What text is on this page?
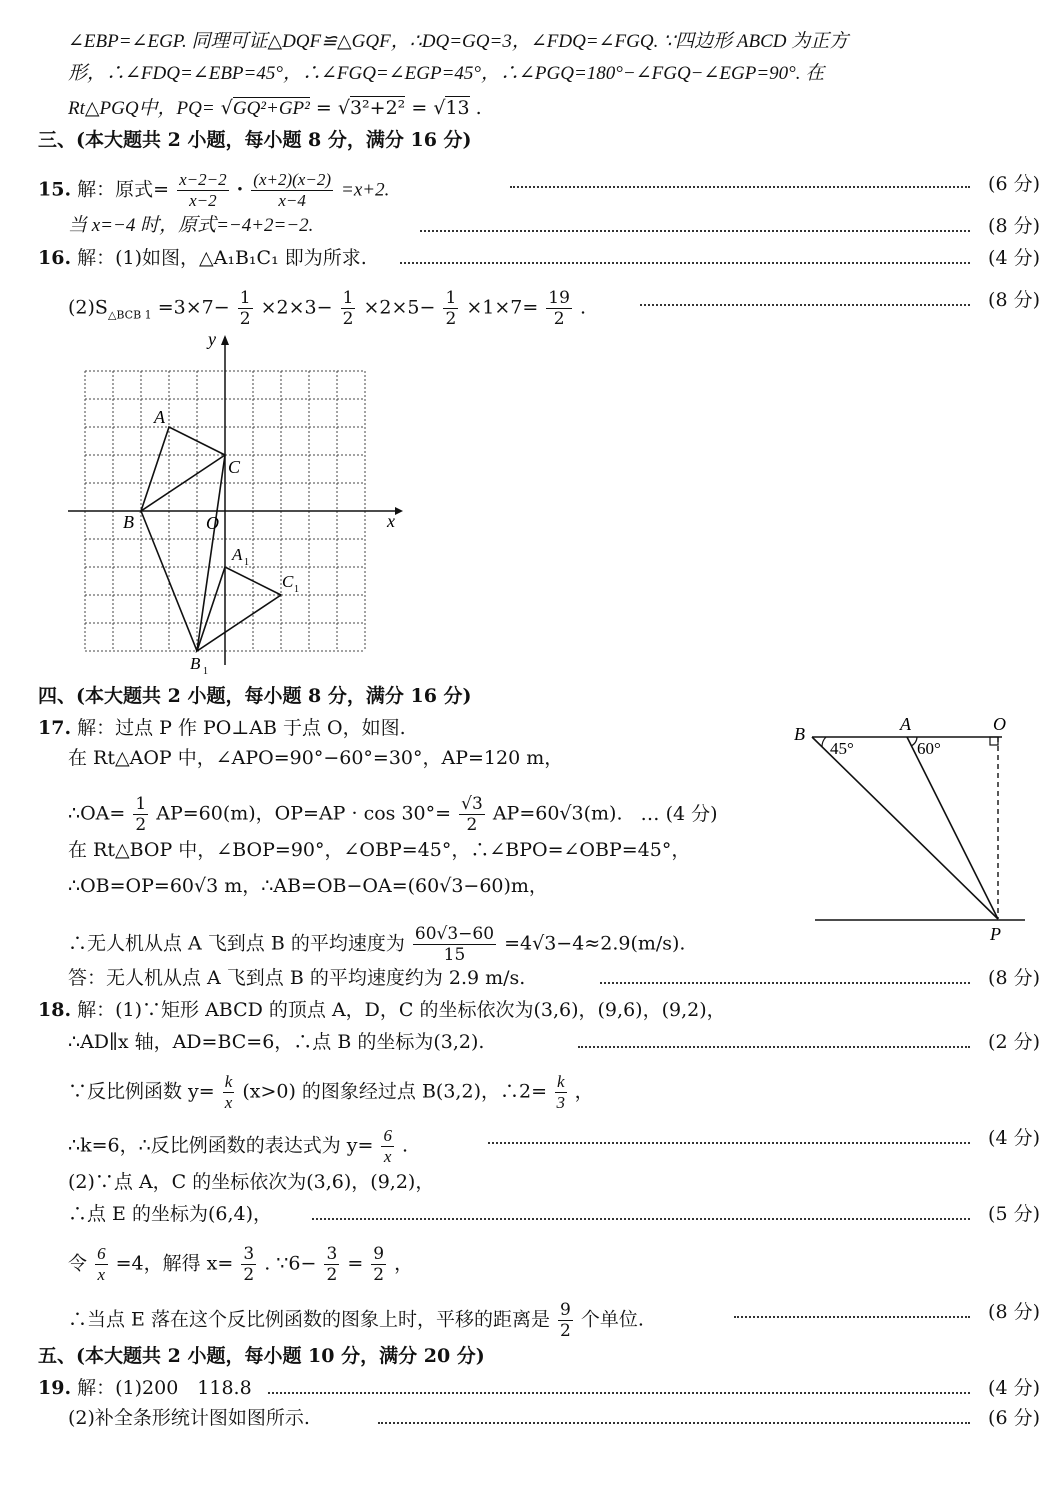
∠EBP=∠EGP. 同理可证△DQF≌△GQF，∴DQ=GQ=3，∠FDQ=∠FGQ. ∵四边形 ABCD 为正方
形，∴∠FDQ=∠EBP=45°，∴∠FGQ=∠EGP=45°，∴∠PGQ=180°−∠FGQ−∠EGP=90°. 在
Rt△PGQ中，PQ= √GQ²+GP² = √3²+2² = √13 .
三、(本大题共 2 小题，每小题 8 分，满分 16 分)
15. 解：原式= $\frac{x-2-2}{x-2} \cdot \frac{(x+2)(x-2)}{x-4} =x+2$.	(6 分)
当 x=−4 时，原式=−4+2=−2.	(8 分)
16. 解：(1)如图，△A₁B₁C₁ 即为所求.	(4 分)
$(2)S_{\triangle BCB 1} =3\times 7- \frac{1}{2} \times 2\times 3- \frac{1}{2} \times 2\times 5- \frac{1}{2} \times 1\times 7= \frac{19}{2}$ .	(8 分)
A
B
C
O	x
y
A 1
C 1
B 1
四、(本大题共 2 小题，每小题 8 分，满分 16 分)
17. 解：过点 P 作 PO⊥AB 于点 O，如图.
在 Rt△AOP 中，∠APO=90°−60°=30°，AP=120 m，
∴OA= $\frac{1}{2} AP=60(m)$，$OP=AP \cdot \cos 30^\circ= \frac{√3}{2} AP=60√3(m)$. … (4 分)
在 Rt△BOP 中，∠BOP=90°，∠OBP=45°，∴∠BPO=∠OBP=45°，
∴OB=OP=60√3 m，∴AB=OB−OA=(60√3−60)m，
∴无人机从点 A 飞到点 B 的平均速度为 $\frac{60√3-60}{15} =4√3-4\approx 2.9(m/s)$.
答：无人机从点 A 飞到点 B 的平均速度约为 2.9 m/s.	(8 分)
B	A	O
P
45°	60°
18. 解：(1)∵矩形 ABCD 的顶点 A，D，C 的坐标依次为(3,6)，(9,6)，(9,2)，
∴AD∥x 轴，AD=BC=6，∴点 B 的坐标为(3,2).	(2 分)
∵反比例函数 $y= \frac{k}{x} (x>0)$ 的图象经过点 B(3,2)，∴2= $\frac{k}{3}$ ，
∴k=6，∴反比例函数的表达式为 $y= \frac{6}{x}$ .	(4 分)
(2)∵点 A，C 的坐标依次为(3,6)，(9,2)，
∴点 E 的坐标为(6,4)，	(5 分)
令 $\frac{6}{x} =4$，解得 $x= \frac{3}{2}$ . ∵6− $\frac{3}{2} = \frac{9}{2}$ ，
∴当点 E 落在这个反比例函数的图象上时，平移的距离是 $\frac{9}{2}$ 个单位.	(8 分)
五、(本大题共 2 小题，每小题 10 分，满分 20 分)
19. 解：(1)200　118.8	(4 分)
(2)补全条形统计图如图所示.	(6 分)
